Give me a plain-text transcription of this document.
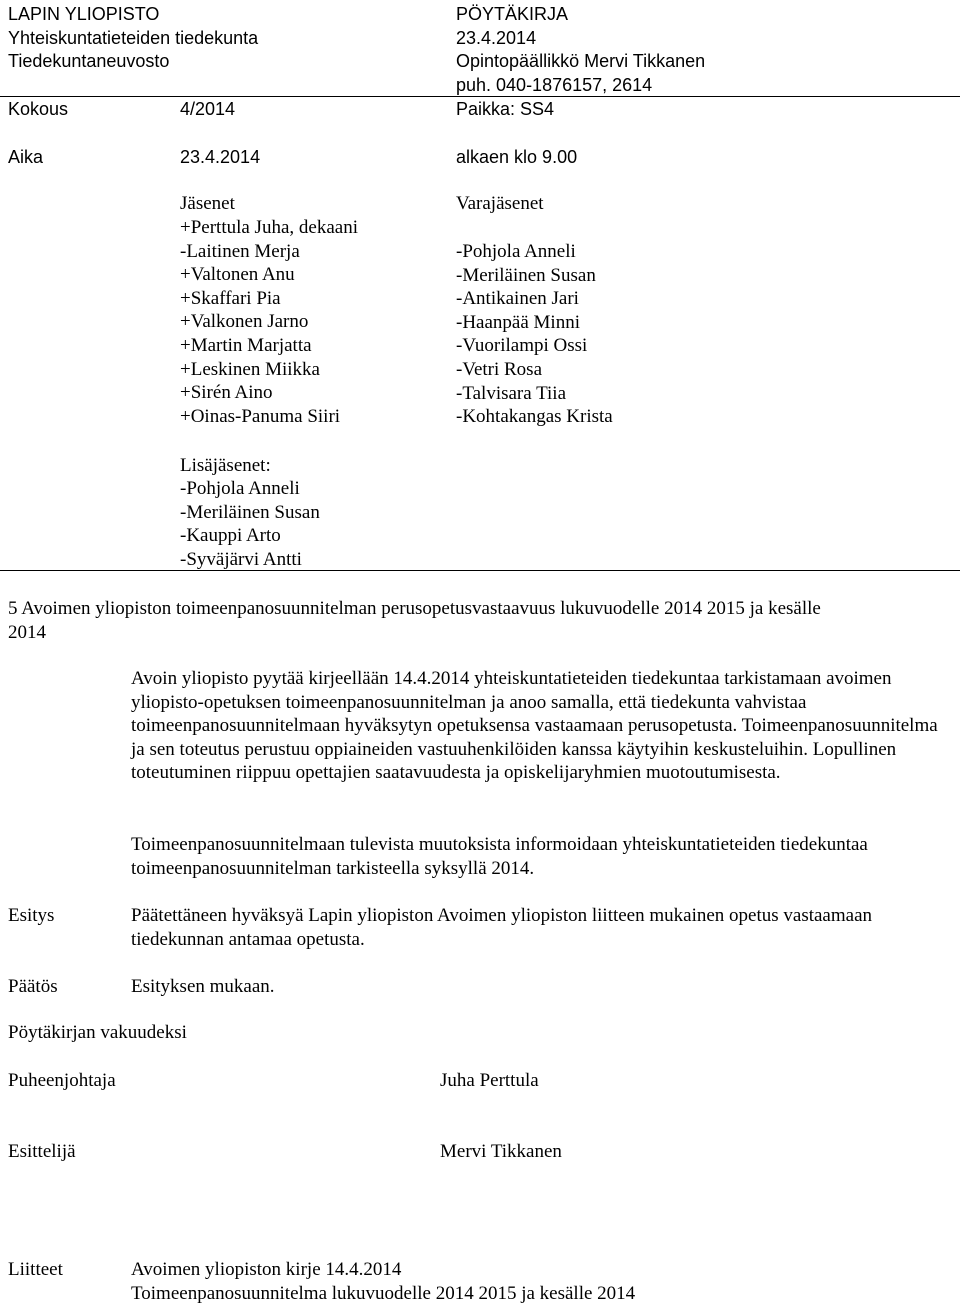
LAPIN YLIOPISTO
Yhteiskuntatieteiden tiedekunta
Tiedekuntaneuvosto
PÖYTÄKIRJA
23.4.2014
Opintopäällikkö Mervi Tikkanen
puh. 040-1876157, 2614
Kokous	4/2014	Paikka: SS4
Aika	23.4.2014	alkaen klo 9.00
Jäsenet
+Perttula Juha, dekaani
-Laitinen Merja
+Valtonen Anu
+Skaffari Pia
+Valkonen Jarno
+Martin Marjatta
+Leskinen Miikka
+Sirén Aino
+Oinas-Panuma Siiri
Varajäsenet
-Pohjola Anneli
-Meriläinen Susan
-Antikainen Jari
-Haanpää Minni
-Vuorilampi Ossi
-Vetri Rosa
-Talvisara Tiia
-Kohtakangas Krista
Lisäjäsenet:
-Pohjola Anneli
-Meriläinen Susan
-Kauppi Arto
-Syväjärvi Antti
5 Avoimen yliopiston toimeenpanosuunnitelman perusopetusvastaavuus lukuvuodelle 2014 2015 ja kesälle 2014
Avoin yliopisto pyytää kirjeellään 14.4.2014 yhteiskuntatieteiden tiedekuntaa tarkistamaan avoimen yliopisto-opetuksen toimeenpanosuunnitelman ja anoo samalla, että tiedekunta vahvistaa toimeenpanosuunnitelmaan hyväksytyn opetuksensa vastaamaan perusopetusta. Toimeenpanosuunnitelma ja sen toteutus perustuu oppiaineiden vastuuhenkilöiden kanssa käytyihin keskusteluihin. Lopullinen toteutuminen riippuu opettajien saatavuudesta ja opiskelijaryhmien muotoutumisesta.
Toimeenpanosuunnitelmaan tulevista muutoksista informoidaan yhteiskuntatieteiden tiedekuntaa toimeenpanosuunnitelman tarkisteella syksyllä 2014.
Esitys	Päätettäneen hyväksyä Lapin yliopiston Avoimen yliopiston liitteen mukainen opetus vastaamaan tiedekunnan antamaa opetusta.
Päätös	Esityksen mukaan.
Pöytäkirjan vakuudeksi
Puheenjohtaja	Juha Perttula
Esittelijä	Mervi Tikkanen
Liitteet	Avoimen yliopiston kirje 14.4.2014
Toimeenpanosuunnitelma lukuvuodelle 2014 2015 ja kesälle 2014
